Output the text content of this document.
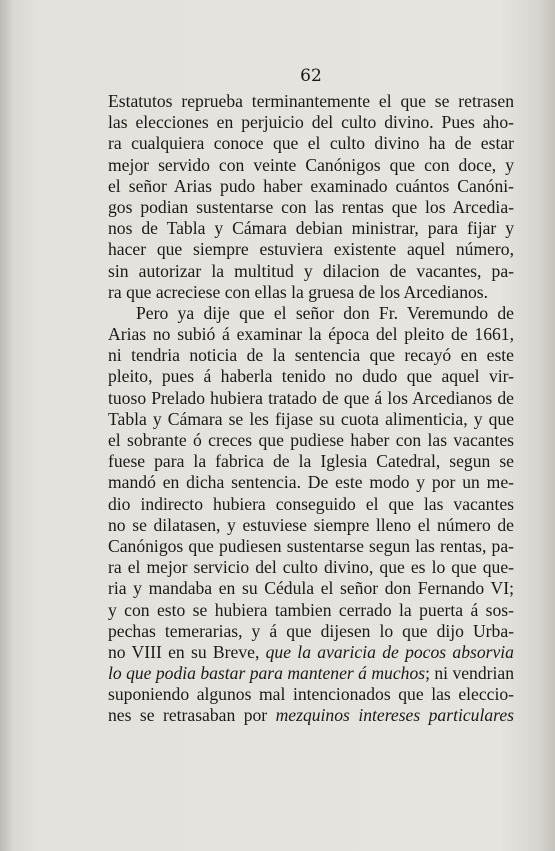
62
Estatutos reprueba terminantemente el que se retrasen
las elecciones en perjuicio del culto divino. Pues aho-
ra cualquiera conoce que el culto divino ha de estar
mejor servido con veinte Canónigos que con doce, y
el señor Arias pudo haber examinado cuántos Canóni-
gos podian sustentarse con las rentas que los Arcedia-
nos de Tabla y Cámara debian ministrar, para fijar y
hacer que siempre estuviera existente aquel número,
sin autorizar la multitud y dilacion de vacantes, pa-
ra que acreciese con ellas la gruesa de los Arcedianos.
Pero ya dije que el señor don Fr. Veremundo de
Arias no subió á examinar la época del pleito de 1661,
ni tendria noticia de la sentencia que recayó en este
pleito, pues á haberla tenido no dudo que aquel vir-
tuoso Prelado hubiera tratado de que á los Arcedianos de
Tabla y Cámara se les fijase su cuota alimenticia, y que
el sobrante ó creces que pudiese haber con las vacantes
fuese para la fabrica de la Iglesia Catedral, segun se
mandó en dicha sentencia. De este modo y por un me-
dio indirecto hubiera conseguido el que las vacantes
no se dilatasen, y estuviese siempre lleno el número de
Canónigos que pudiesen sustentarse segun las rentas, pa-
ra el mejor servicio del culto divino, que es lo que que-
ria y mandaba en su Cédula el señor don Fernando VI;
y con esto se hubiera tambien cerrado la puerta á sos-
pechas temerarias, y á que dijesen lo que dijo Urba-
no VIII en su Breve, que la avaricia de pocos absorvia
lo que podia bastar para mantener á muchos; ni vendrian
suponiendo algunos mal intencionados que las eleccio-
nes se retrasaban por mezquinos intereses particulares
